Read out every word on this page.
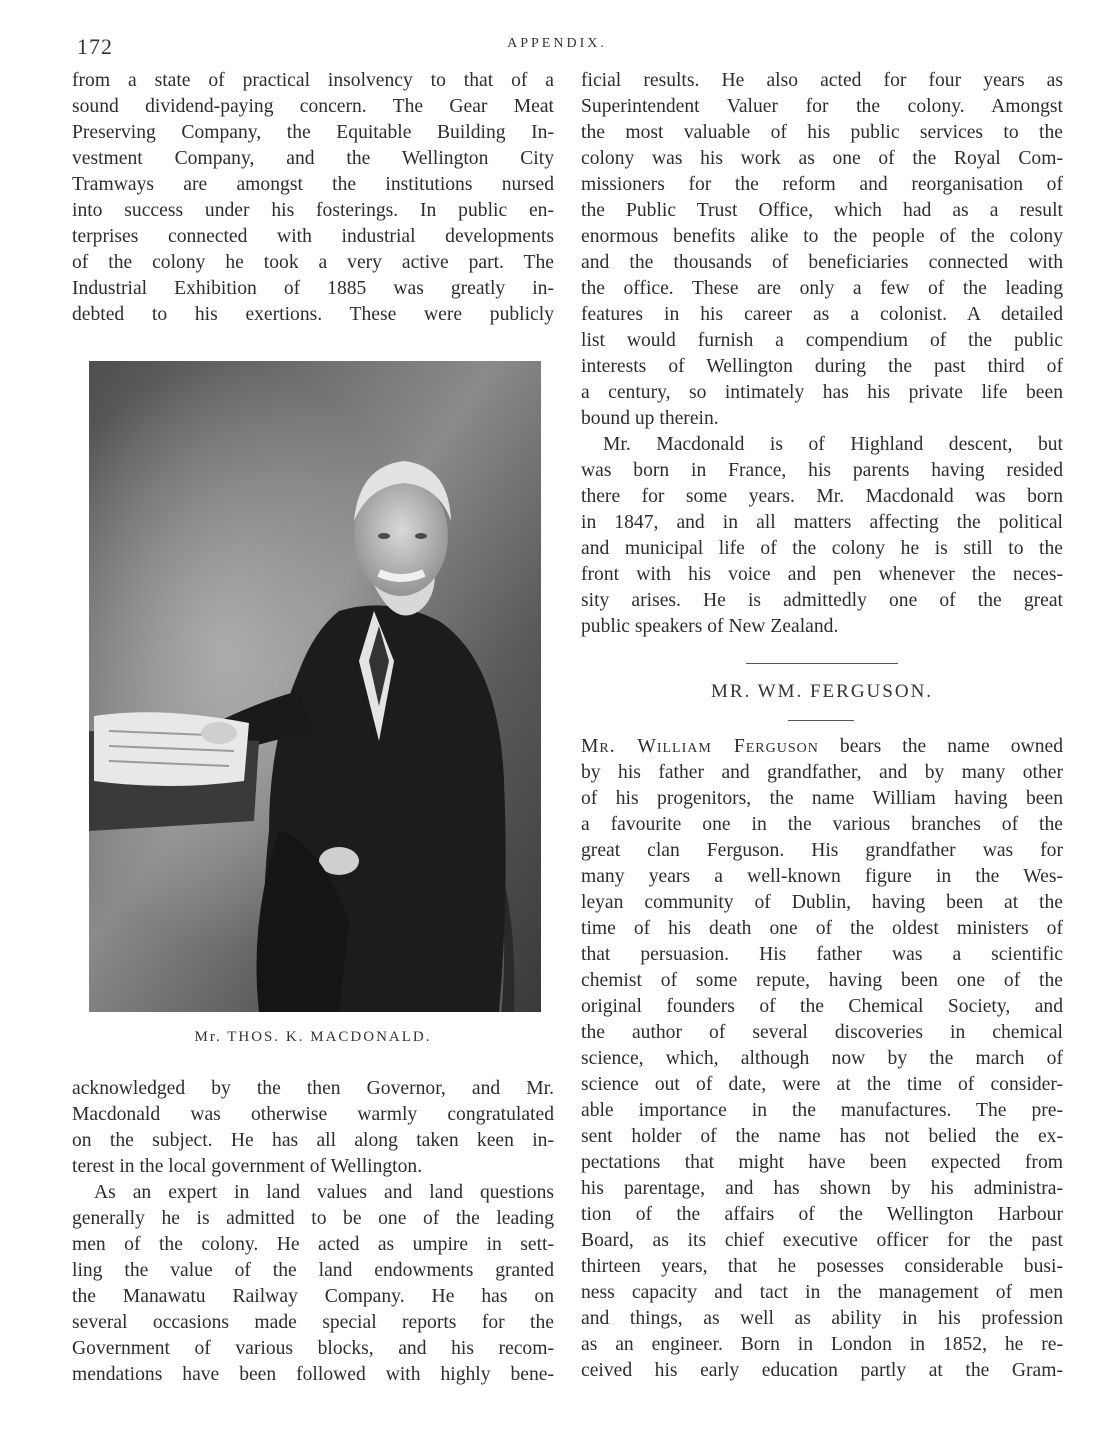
172	APPENDIX.

from a state of practical insolvency to that of a

sound dividend-paying concern. The Gear Meat

Preserving Company, the Equitable Building In-

vestment Company, and the Wellington City

Tramways are amongst the institutions nursed

into success under his fosterings. In public en-

terprises connected with industrial developments

of the colony he took a very active part. The

Industrial Exhibition of 1885 was greatly in-

debted to his exertions. These were publicly

Mr. THOS. K. MACDONALD.

acknowledged by the then Governor, and Mr.

Macdonald was otherwise warmly congratulated

on the subject. He has all along taken keen in-

terest in the local government of Wellington.

As an expert in land values and land questions

generally he is admitted to be one of the leading

men of the colony. He acted as umpire in sett-

ling the value of the land endowments granted

the Manawatu Railway Company. He has on

several occasions made special reports for the

Government of various blocks, and his recom-

mendations have been followed with highly bene-

ficial results. He also acted for four years as

Superintendent Valuer for the colony. Amongst

the most valuable of his public services to the

colony was his work as one of the Royal Com-

missioners for the reform and reorganisation of

the Public Trust Office, which had as a result

enormous benefits alike to the people of the colony

and the thousands of beneficiaries connected with

the office. These are only a few of the leading

features in his career as a colonist. A detailed

list would furnish a compendium of the public

interests of Wellington during the past third of

a century, so intimately has his private life been

bound up therein.

Mr. Macdonald is of Highland descent, but

was born in France, his parents having resided

there for some years. Mr. Macdonald was born

in 1847, and in all matters affecting the political

and municipal life of the colony he is still to the

front with his voice and pen whenever the neces-

sity arises. He is admittedly one of the great

public speakers of New Zealand.

MR. WM. FERGUSON.

Mr. William Ferguson bears the name owned

by his father and grandfather, and by many other

of his progenitors, the name William having been

a favourite one in the various branches of the

great clan Ferguson. His grandfather was for

many years a well-known figure in the Wes-

leyan community of Dublin, having been at the

time of his death one of the oldest ministers of

that persuasion. His father was a scientific

chemist of some repute, having been one of the

original founders of the Chemical Society, and

the author of several discoveries in chemical

science, which, although now by the march of

science out of date, were at the time of consider-

able importance in the manufactures. The pre-

sent holder of the name has not belied the ex-

pectations that might have been expected from

his parentage, and has shown by his administra-

tion of the affairs of the Wellington Harbour

Board, as its chief executive officer for the past

thirteen years, that he posesses considerable busi-

ness capacity and tact in the management of men

and things, as well as ability in his profession

as an engineer. Born in London in 1852, he re-

ceived his early education partly at the Gram-
